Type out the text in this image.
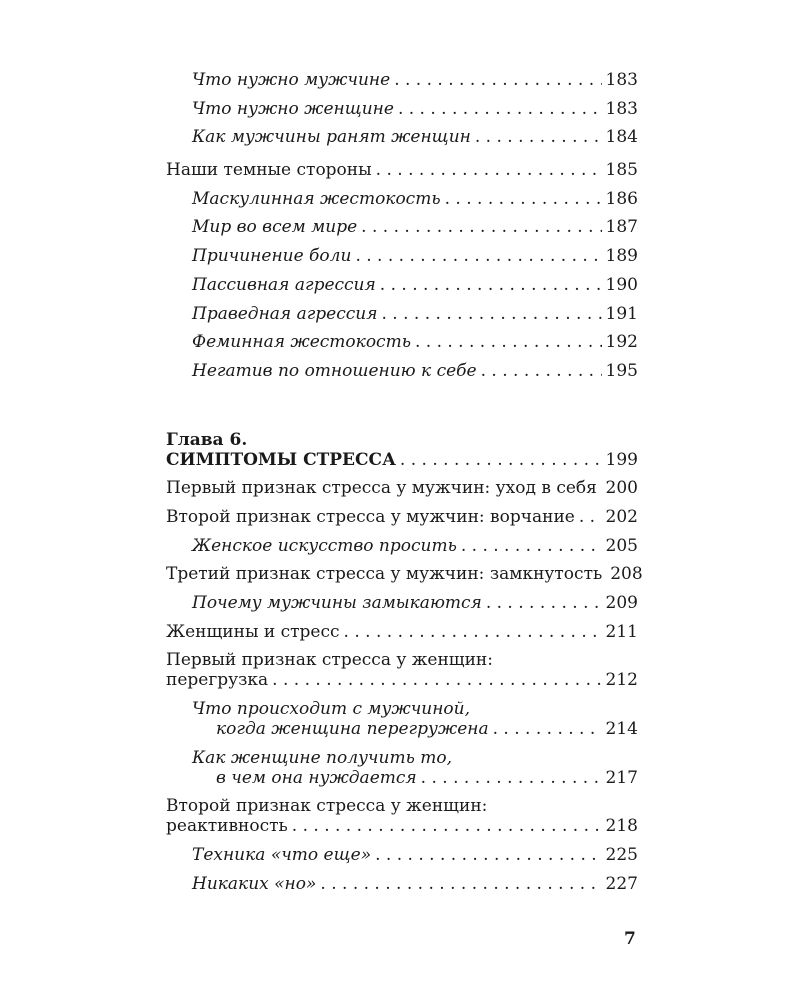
Что нужно мужчине . . .	183
Что нужно женщине . . .	183
Как мужчины ранят женщин . . .	184
Наши темные стороны . . .	185
Маскулинная жестокость . . .	186
Мир во всем мире . . .	187
Причинение боли . . .	189
Пассивная агрессия . . .	190
Праведная агрессия . . .	191
Феминная жестокость . . .	192
Негатив по отношению к себе . . .	195
Глава 6.
СИМПТОМЫ СТРЕССА . . .	199
Первый признак стресса у мужчин: уход в себя . . . 200
Второй признак стресса у мужчин: ворчание . . . 202
Женское искусство просить . . .	205
Третий признак стресса у мужчин: замкнутость 208
Почему мужчины замыкаются . . .	209
Женщины и стресс . . .	211
Первый признак стресса у женщин:
перегрузка . . .	212
Что происходит с мужчиной,
когда женщина перегружена . . .	214
Как женщине получить то,
в чем она нуждается . . .	217
Второй признак стресса у женщин:
реактивность . . .	218
Техника «что еще» . . .	225
Никаких «но» . . .	227
7
